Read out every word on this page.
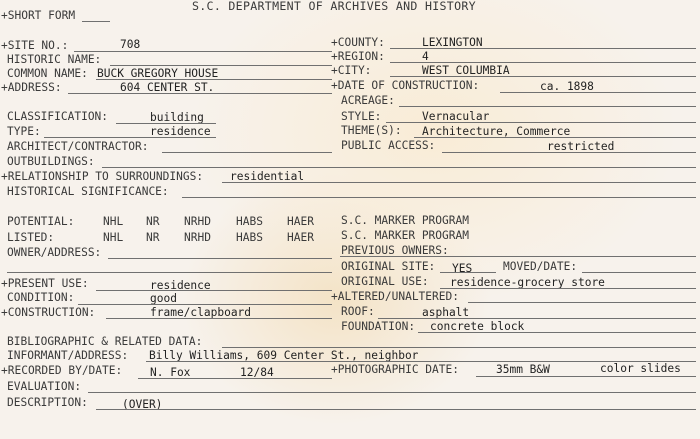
S.C. DEPARTMENT OF ARCHIVES AND HISTORY
+SHORT FORM
+SITE NO.:	708
HISTORIC NAME:
COMMON NAME: BUCK GREGORY HOUSE
+ADDRESS:	604 CENTER ST.
+COUNTY:	LEXINGTON
+REGION:	4
+CITY:	WEST COLUMBIA
+DATE OF CONSTRUCTION:	ca. 1898
ACREAGE:
CLASSIFICATION:	building
TYPE:	residence
ARCHITECT/CONTRACTOR:
OUTBUILDINGS:
STYLE:	Vernacular
THEME(S): Architecture, Commerce
PUBLIC ACCESS:	restricted
+RELATIONSHIP TO SURROUNDINGS: residential
HISTORICAL SIGNIFICANCE:
POTENTIAL:	NHL NR NRHD HABS HAER
LISTED:	NHL NR NRHD HABS HAER
OWNER/ADDRESS:
S.C. MARKER PROGRAM
S.C. MARKER PROGRAM
PREVIOUS OWNERS:
ORIGINAL SITE: YES	MOVED/DATE:
+PRESENT USE:	residence
CONDITION:	good
+CONSTRUCTION:	frame/clapboard
ORIGINAL USE: residence-grocery store
+ALTERED/UNALTERED:
ROOF:	asphalt
FOUNDATION: concrete block
BIBLIOGRAPHIC & RELATED DATA:
INFORMANT/ADDRESS: Billy Williams, 609 Center St., neighbor
+RECORDED BY/DATE: N. Fox	12/84	+PHOTOGRAPHIC DATE:	35mm B&W	color slides
EVALUATION:
DESCRIPTION:	(OVER)
